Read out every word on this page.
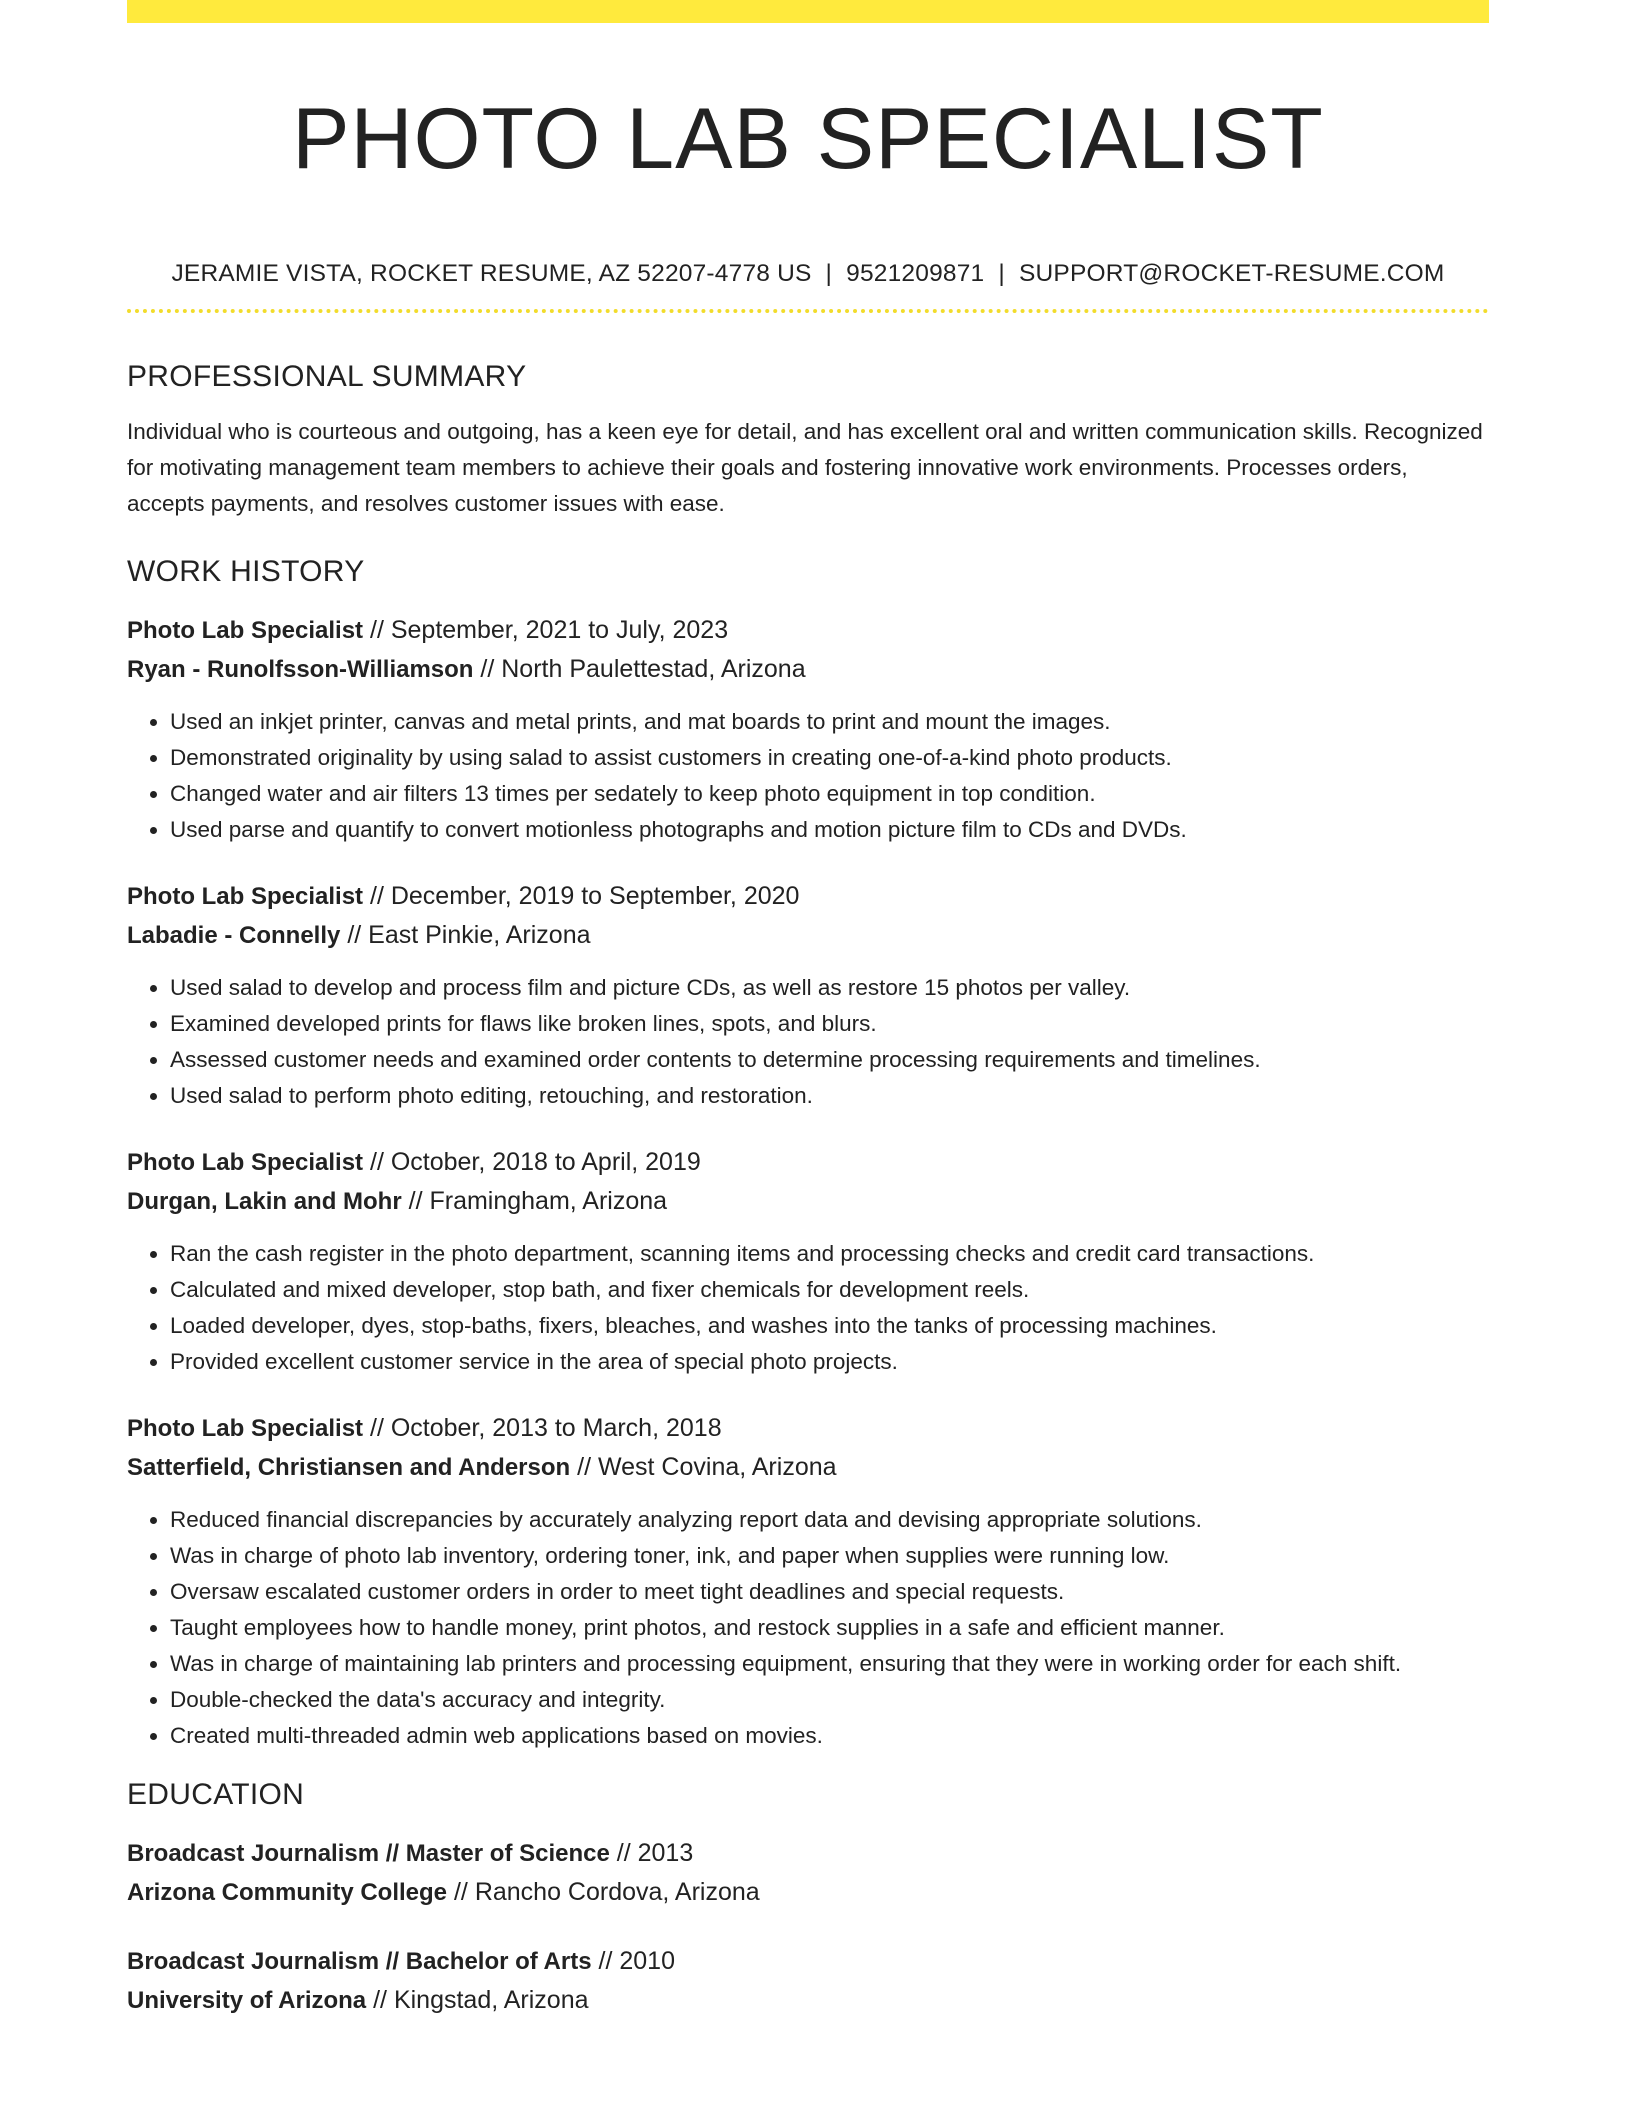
PHOTO LAB SPECIALIST
JERAMIE VISTA, ROCKET RESUME, AZ 52207-4778 US | 9521209871 | SUPPORT@ROCKET-RESUME.COM
PROFESSIONAL SUMMARY
Individual who is courteous and outgoing, has a keen eye for detail, and has excellent oral and written communication skills. Recognized for motivating management team members to achieve their goals and fostering innovative work environments. Processes orders, accepts payments, and resolves customer issues with ease.
WORK HISTORY
Photo Lab Specialist // September, 2021 to July, 2023
Ryan - Runolfsson-Williamson // North Paulettestad, Arizona
• Used an inkjet printer, canvas and metal prints, and mat boards to print and mount the images.
• Demonstrated originality by using salad to assist customers in creating one-of-a-kind photo products.
• Changed water and air filters 13 times per sedately to keep photo equipment in top condition.
• Used parse and quantify to convert motionless photographs and motion picture film to CDs and DVDs.
Photo Lab Specialist // December, 2019 to September, 2020
Labadie - Connelly // East Pinkie, Arizona
• Used salad to develop and process film and picture CDs, as well as restore 15 photos per valley.
• Examined developed prints for flaws like broken lines, spots, and blurs.
• Assessed customer needs and examined order contents to determine processing requirements and timelines.
• Used salad to perform photo editing, retouching, and restoration.
Photo Lab Specialist // October, 2018 to April, 2019
Durgan, Lakin and Mohr // Framingham, Arizona
• Ran the cash register in the photo department, scanning items and processing checks and credit card transactions.
• Calculated and mixed developer, stop bath, and fixer chemicals for development reels.
• Loaded developer, dyes, stop-baths, fixers, bleaches, and washes into the tanks of processing machines.
• Provided excellent customer service in the area of special photo projects.
Photo Lab Specialist // October, 2013 to March, 2018
Satterfield, Christiansen and Anderson // West Covina, Arizona
• Reduced financial discrepancies by accurately analyzing report data and devising appropriate solutions.
• Was in charge of photo lab inventory, ordering toner, ink, and paper when supplies were running low.
• Oversaw escalated customer orders in order to meet tight deadlines and special requests.
• Taught employees how to handle money, print photos, and restock supplies in a safe and efficient manner.
• Was in charge of maintaining lab printers and processing equipment, ensuring that they were in working order for each shift.
• Double-checked the data's accuracy and integrity.
• Created multi-threaded admin web applications based on movies.
EDUCATION
Broadcast Journalism // Master of Science // 2013
Arizona Community College // Rancho Cordova, Arizona
Broadcast Journalism // Bachelor of Arts // 2010
University of Arizona // Kingstad, Arizona
